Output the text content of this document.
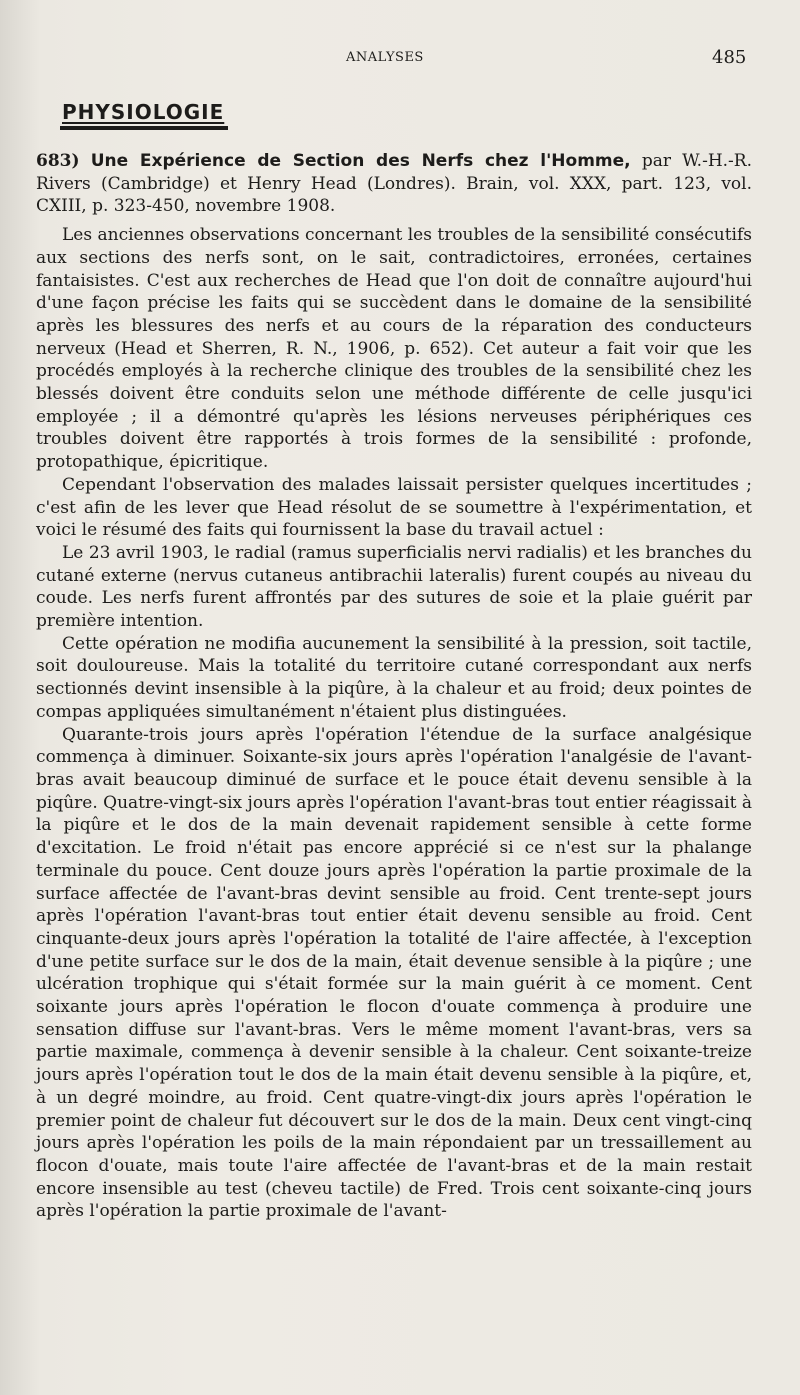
ANALYSES	485
PHYSIOLOGIE

683) Une Expérience de Section des Nerfs chez l'Homme, par W.-H.-R. Rivers (Cambridge) et Henry Head (Londres). Brain, vol. XXX, part. 123, vol. CXIII, p. 323-450, novembre 1908.

Les anciennes observations concernant les troubles de la sensibilité consécutifs aux sections des nerfs sont, on le sait, contradictoires, erronées, certaines fantaisistes. C'est aux recherches de Head que l'on doit de connaître aujourd'hui d'une façon précise les faits qui se succèdent dans le domaine de la sensibilité après les blessures des nerfs et au cours de la réparation des conducteurs nerveux (Head et Sherren, R. N., 1906, p. 652). Cet auteur a fait voir que les procédés employés à la recherche clinique des troubles de la sensibilité chez les blessés doivent être conduits selon une méthode différente de celle jusqu'ici employée ; il a démontré qu'après les lésions nerveuses périphériques ces troubles doivent être rapportés à trois formes de la sensibilité : profonde, protopathique, épicritique.

Cependant l'observation des malades laissait persister quelques incertitudes ; c'est afin de les lever que Head résolut de se soumettre à l'expérimentation, et voici le résumé des faits qui fournissent la base du travail actuel :

Le 23 avril 1903, le radial (ramus superficialis nervi radialis) et les branches du cutané externe (nervus cutaneus antibrachii lateralis) furent coupés au niveau du coude. Les nerfs furent affrontés par des sutures de soie et la plaie guérit par première intention.

Cette opération ne modifia aucunement la sensibilité à la pression, soit tactile, soit douloureuse. Mais la totalité du territoire cutané correspondant aux nerfs sectionnés devint insensible à la piqûre, à la chaleur et au froid; deux pointes de compas appliquées simultanément n'étaient plus distinguées.

Quarante-trois jours après l'opération l'étendue de la surface analgésique commença à diminuer. Soixante-six jours après l'opération l'analgésie de l'avant-bras avait beaucoup diminué de surface et le pouce était devenu sensible à la piqûre. Quatre-vingt-six jours après l'opération l'avant-bras tout entier réagissait à la piqûre et le dos de la main devenait rapidement sensible à cette forme d'excitation. Le froid n'était pas encore apprécié si ce n'est sur la phalange terminale du pouce. Cent douze jours après l'opération la partie proximale de la surface affectée de l'avant-bras devint sensible au froid. Cent trente-sept jours après l'opération l'avant-bras tout entier était devenu sensible au froid. Cent cinquante-deux jours après l'opération la totalité de l'aire affectée, à l'exception d'une petite surface sur le dos de la main, était devenue sensible à la piqûre ; une ulcération trophique qui s'était formée sur la main guérit à ce moment. Cent soixante jours après l'opération le flocon d'ouate commença à produire une sensation diffuse sur l'avant-bras. Vers le même moment l'avant-bras, vers sa partie maximale, commença à devenir sensible à la chaleur. Cent soixante-treize jours après l'opération tout le dos de la main était devenu sensible à la piqûre, et, à un degré moindre, au froid. Cent quatre-vingt-dix jours après l'opération le premier point de chaleur fut découvert sur le dos de la main. Deux cent vingt-cinq jours après l'opération les poils de la main répondaient par un tressaillement au flocon d'ouate, mais toute l'aire affectée de l'avant-bras et de la main restait encore insensible au test (cheveu tactile) de Fred. Trois cent soixante-cinq jours après l'opération la partie proximale de l'avant-
